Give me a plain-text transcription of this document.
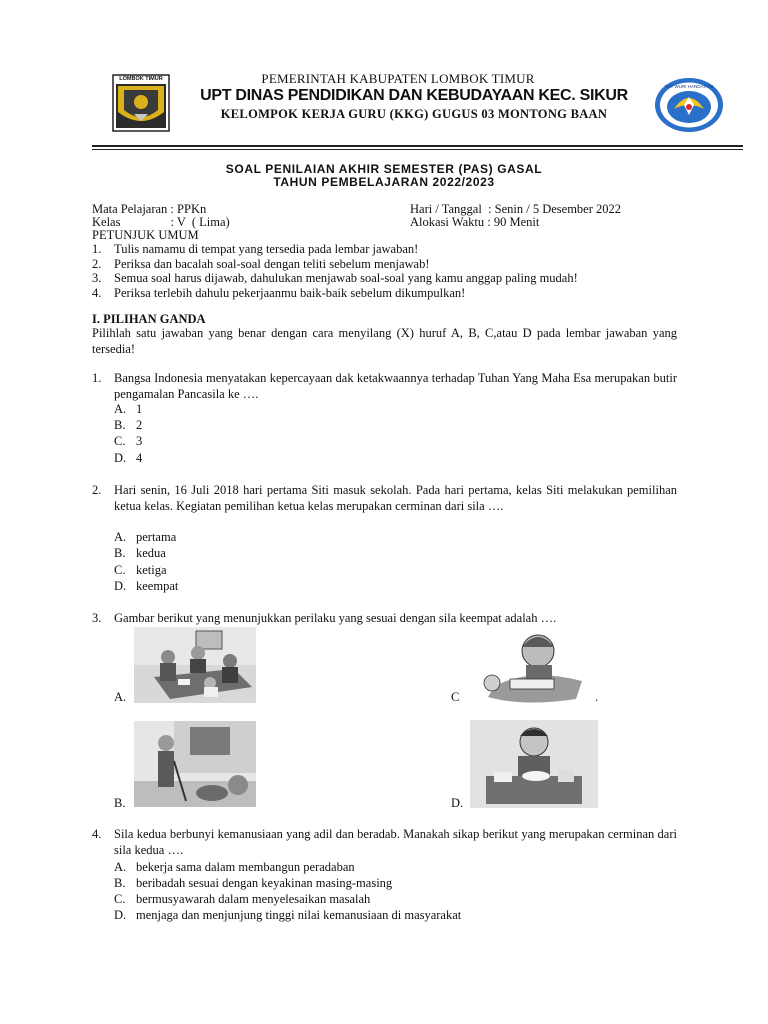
LOMBOK TIMUR	PEMERINTAH KABUPATEN LOMBOK TIMUR
UPT DINAS PENDIDIKAN DAN KEBUDAYAAN KEC. SIKUR
KELOMPOK KERJA GURU (KKG) GUGUS 03 MONTONG BAAN
TUT WURI HANDAYANI
SOAL PENILAIAN AKHIR SEMESTER (PAS) GASAL
TAHUN PEMBELAJARAN 2022/2023
Mata Pelajaran : PPKn
Kelas                : V  ( Lima)
Hari / Tanggal  : Senin / 5 Desember 2022
Alokasi Waktu : 90 Menit
PETUNJUK UMUM
1. Tulis namamu di tempat yang tersedia pada lembar jawaban!
2. Periksa dan bacalah soal-soal dengan teliti sebelum menjawab!
3. Semua soal harus dijawab, dahulukan menjawab soal-soal yang kamu anggap paling mudah!
4. Periksa terlebih dahulu pekerjaanmu baik-baik sebelum dikumpulkan!
I. PILIHAN GANDA
Pilihlah satu jawaban yang benar dengan cara menyilang (X) huruf A, B, C,atau D pada lembar jawaban yang tersedia!
1. Bangsa Indonesia menyatakan kepercayaan dak ketakwaannya terhadap Tuhan Yang Maha Esa merupakan butir pengamalan Pancasila ke ….
A. 1
B. 2
C. 3
D. 4
2. Hari senin, 16 Juli 2018 hari pertama Siti masuk sekolah. Pada hari pertama, kelas Siti melakukan pemilihan ketua kelas. Kegiatan pemilihan ketua kelas merupakan cerminan dari sila ….
A. pertama
B. kedua
C. ketiga
D. keempat
3. Gambar berikut yang menunjukkan perilaku yang sesuai dengan sila keempat adalah ….
A.	C	.
B.	D.
4. Sila kedua berbunyi kemanusiaan yang adil dan beradab. Manakah sikap berikut yang merupakan cerminan dari sila kedua ….
A. bekerja sama dalam membangun peradaban
B. beribadah sesuai dengan keyakinan masing-masing
C. bermusyawarah dalam menyelesaikan masalah
D. menjaga dan menjunjung tinggi nilai kemanusiaan di masyarakat
